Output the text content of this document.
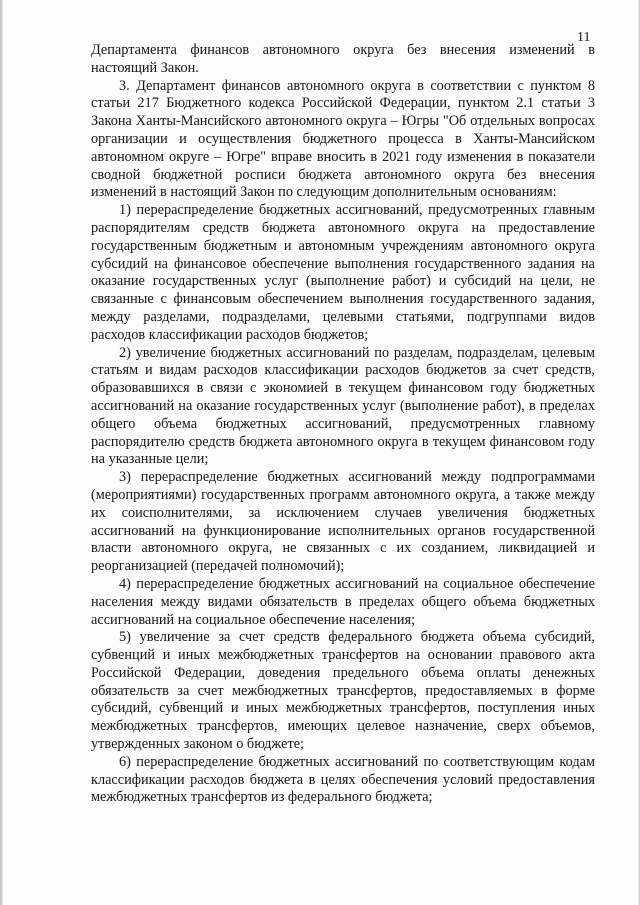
11

Департамента финансов автономного округа без внесения изменений в настоящий Закон.

3. Департамент финансов автономного округа в соответствии с пунктом 8 статьи 217 Бюджетного кодекса Российской Федерации, пунктом 2.1 статьи 3 Закона Ханты-Мансийского автономного округа – Югры "Об отдельных вопросах организации и осуществления бюджетного процесса в Ханты-Мансийском автономном округе – Югре" вправе вносить в 2021 году изменения в показатели сводной бюджетной росписи бюджета автономного округа без внесения изменений в настоящий Закон по следующим дополнительным основаниям:

1) перераспределение бюджетных ассигнований, предусмотренных главным распорядителям средств бюджета автономного округа на предоставление государственным бюджетным и автономным учреждениям автономного округа субсидий на финансовое обеспечение выполнения государственного задания на оказание государственных услуг (выполнение работ) и субсидий на цели, не связанные с финансовым обеспечением выполнения государственного задания, между разделами, подразделами, целевыми статьями, подгруппами видов расходов классификации расходов бюджетов;

2) увеличение бюджетных ассигнований по разделам, подразделам, целевым статьям и видам расходов классификации расходов бюджетов за счет средств, образовавшихся в связи с экономией в текущем финансовом году бюджетных ассигнований на оказание государственных услуг (выполнение работ), в пределах общего объема бюджетных ассигнований, предусмотренных главному распорядителю средств бюджета автономного округа в текущем финансовом году на указанные цели;

3) перераспределение бюджетных ассигнований между подпрограммами (мероприятиями) государственных программ автономного округа, а также между их соисполнителями, за исключением случаев увеличения бюджетных ассигнований на функционирование исполнительных органов государственной власти автономного округа, не связанных с их созданием, ликвидацией и реорганизацией (передачей полномочий);

4) перераспределение бюджетных ассигнований на социальное обеспечение населения между видами обязательств в пределах общего объема бюджетных ассигнований на социальное обеспечение населения;

5) увеличение за счет средств федерального бюджета объема субсидий, субвенций и иных межбюджетных трансфертов на основании правового акта Российской Федерации, доведения предельного объема оплаты денежных обязательств за счет межбюджетных трансфертов, предоставляемых в форме субсидий, субвенций и иных межбюджетных трансфертов, поступления иных межбюджетных трансфертов, имеющих целевое назначение, сверх объемов, утвержденных законом о бюджете;

6) перераспределение бюджетных ассигнований по соответствующим кодам классификации расходов бюджета в целях обеспечения условий предоставления межбюджетных трансфертов из федерального бюджета;
